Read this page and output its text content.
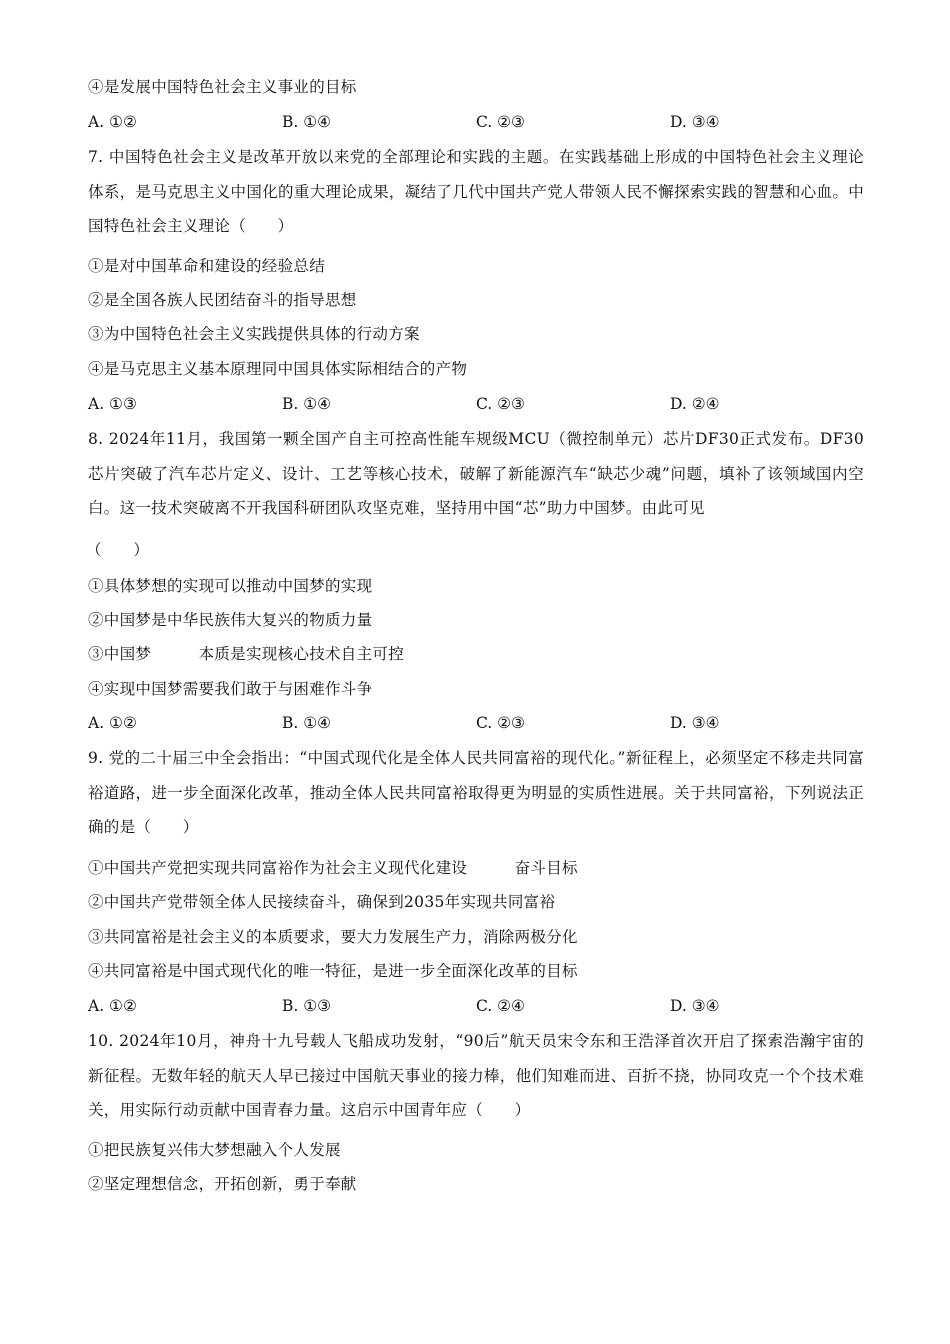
④是发展中国特色社会主义事业的目标
A. ①②	B. ①④	C. ②③	D. ③④
7. 中国特色社会主义是改革开放以来党的全部理论和实践的主题。在实践基础上形成的中国特色社会主义理论体系，是马克思主义中国化的重大理论成果，凝结了几代中国共产党人带领人民不懈探索实践的智慧和心血。中国特色社会主义理论（　　）
①是对中国革命和建设的经验总结
②是全国各族人民团结奋斗的指导思想
③为中国特色社会主义实践提供具体的行动方案
④是马克思主义基本原理同中国具体实际相结合的产物
A. ①③	B. ①④	C. ②③	D. ②④
8. 2024年11月，我国第一颗全国产自主可控高性能车规级MCU（微控制单元）芯片DF30正式发布。DF30芯片突破了汽车芯片定义、设计、工艺等核心技术，破解了新能源汽车“缺芯少魂”问题，填补了该领域国内空白。这一技术突破离不开我国科研团队攻坚克难，坚持用中国“芯”助力中国梦。由此可见
（　　）
①具体梦想的实现可以推动中国梦的实现
②中国梦是中华民族伟大复兴的物质力量
③中国梦　　　本质是实现核心技术自主可控
④实现中国梦需要我们敢于与困难作斗争
A. ①②	B. ①④	C. ②③	D. ③④
9. 党的二十届三中全会指出：“中国式现代化是全体人民共同富裕的现代化。”新征程上，必须坚定不移走共同富裕道路，进一步全面深化改革，推动全体人民共同富裕取得更为明显的实质性进展。关于共同富裕，下列说法正确的是（　　）
①中国共产党把实现共同富裕作为社会主义现代化建设　　　奋斗目标
②中国共产党带领全体人民接续奋斗，确保到2035年实现共同富裕
③共同富裕是社会主义的本质要求，要大力发展生产力，消除两极分化
④共同富裕是中国式现代化的唯一特征，是进一步全面深化改革的目标
A. ①②	B. ①③	C. ②④	D. ③④
10. 2024年10月，神舟十九号载人飞船成功发射，“90后”航天员宋令东和王浩泽首次开启了探索浩瀚宇宙的新征程。无数年轻的航天人早已接过中国航天事业的接力棒，他们知难而进、百折不挠，协同攻克一个个技术难关，用实际行动贡献中国青春力量。这启示中国青年应（　　）
①把民族复兴伟大梦想融入个人发展
②坚定理想信念，开拓创新，勇于奉献
